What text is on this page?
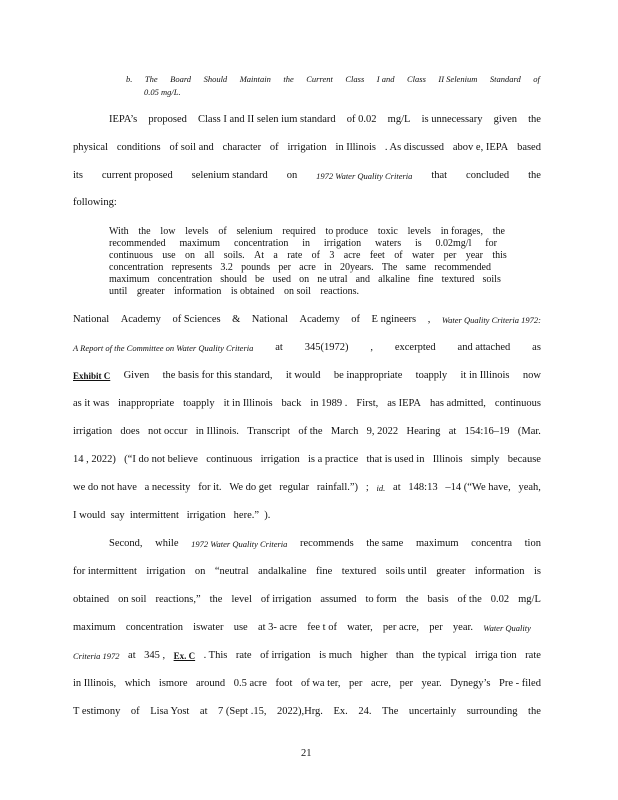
b. The Board Should Maintain the Current Class I and Class II Selenium Standard of
0.05 mg/L.
IEPA’s proposed Class I and II selen ium standard of 0.02 mg/L is unnecessary given the
physical conditions of soil and character of irrigation in Illinois . As discussed abov e, IEPA based
its current proposed selenium standard on 1972 Water Quality Criteria that concluded the
following:
With the low levels of selenium required to produce toxic levels in forages, the
recommended maximum concentration in irrigation waters is 0.02mg/l for
continuous use on all soils. At a rate of 3 acre feet of water per year this
concentration represents 3.2 pounds per acre in 20years. The same recommended
maximum concentration should be used on ne utral and alkaline fine textured soils
until greater information is obtained on soil reactions.
National Academy of Sciences & National Academy of E ngineers , Water Quality Criteria 1972:
A Report of the Committee on Water Quality Criteria at 345(1972) , excerpted and attached as
Exhibit C Given the basis for this standard, it would be inappropriate toapply it in Illinois now
as it was inappropriate toapply it in Illinois back in 1989 . First, as IEPA has admitted, continuous
irrigation does not occur in Illinois. Transcript of the March 9, 2022 Hearing at 154:16–19 (Mar.
14 , 2022) (“I do not believe continuous irrigation is a practice that is used in Illinois simply because
we do not have a necessity for it. We do get regular rainfall.”) ; id. at 148:13 –14 (“We have, yeah,
I would  say  intermittent   irrigation   here.”  ).
Second, while 1972 Water Quality Criteria recommends the same maximum concentra tion
for intermittent irrigation on “neutral andalkaline fine textured soils until greater information is
obtained on soil reactions,” the level of irrigation assumed to form the basis of the 0.02 mg/L
maximum concentration iswater use at 3- acre fee t of water, per acre, per year. Water Quality
Criteria 1972 at 345 , Ex. C . This rate of irrigation is much higher than the typical irriga tion rate
in Illinois, which ismore around 0.5 acre foot of wa ter, per acre, per year. Dynegy’s Pre - filed
T estimony of Lisa Yost at 7 (Sept .15, 2022),Hrg. Ex. 24. The uncertainly surrounding the
21
